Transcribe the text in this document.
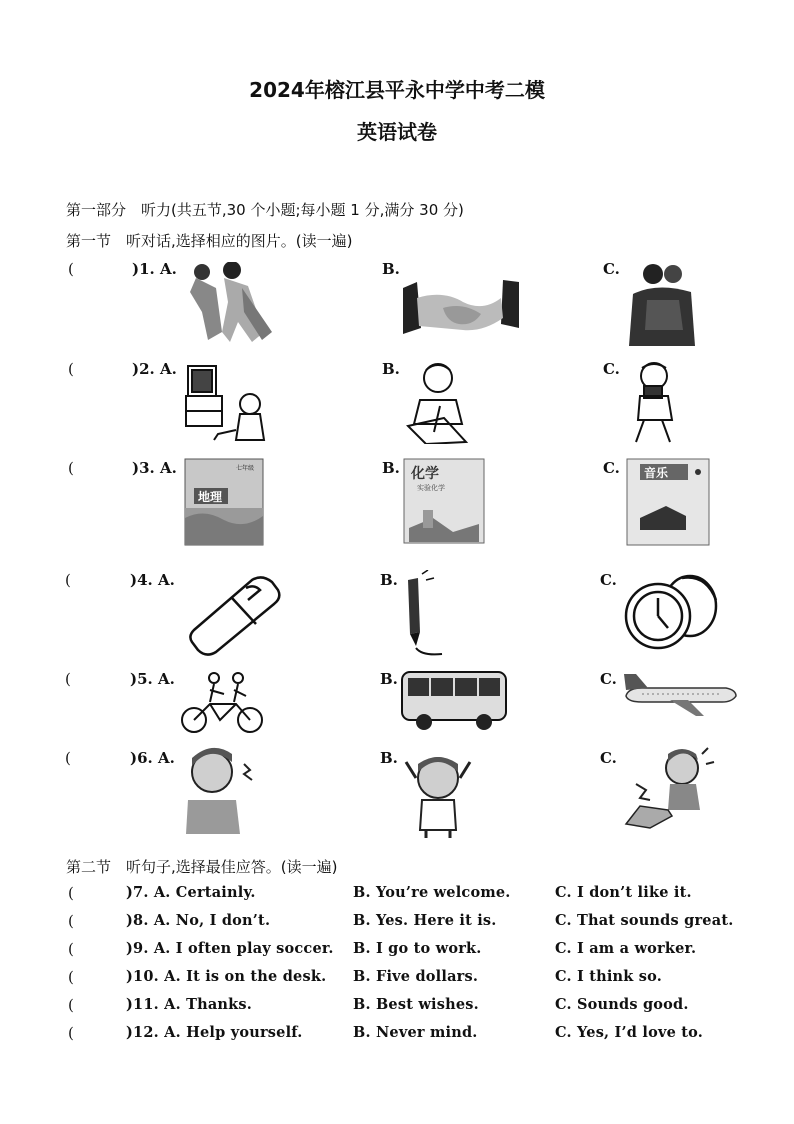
2024年榕江县平永中学中考二模
英语试卷
第一部分　听力(共五节,30 个小题;每小题 1 分,满分 30 分)
第一节　听对话,选择相应的图片。(读一遍)
(	)1. A.	B.	C.
(	)2. A.	B.	C.
(	)3. A.	B.	C.
七年级
地理
化学
实验化学
音乐
(	)4. A.	B.	C.
(	)5. A.	B.	C.
(	)6. A.	B.	C.
第二节　听句子,选择最佳应答。(读一遍)
(	)7. A. Certainly.	B. You’re welcome.	C. I don’t like it.
(	)8. A. No, I don’t.	B. Yes. Here it is.	C. That sounds great.
(	)9. A. I often play soccer. B. I go to work.	C. I am a worker.
(	)10. A. It is on the desk. B. Five dollars.	C. I think so.
(	)11. A. Thanks.	B. Best wishes.	C. Sounds good.
(	)12. A. Help yourself.	B. Never mind.	C. Yes, I’d love to.
